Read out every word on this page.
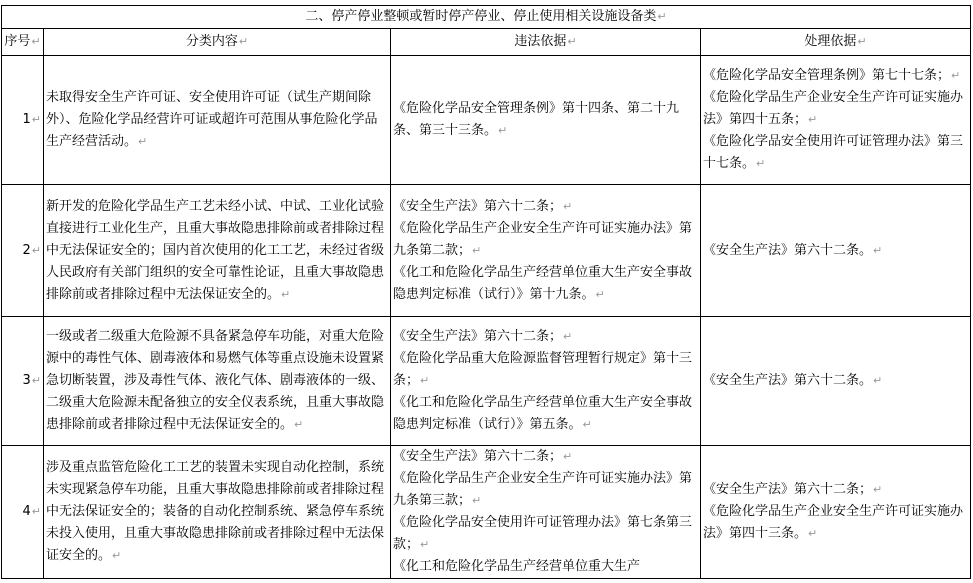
二、停产停业整顿或暂时停产停业、停止使用相关设施设备类↵			
序号↵	分类内容↵	违法依据↵	处理依据↵
1↵	未取得安全生产许可证、安全使用许可证（试生产期间除外）、危险化学品经营许可证或超许可范围从事危险化学品生产经营活动。↵	《危险化学品安全管理条例》第十四条、第二十九条、第三十三条。↵	《危险化学品安全管理条例》第七十七条；↵
《危险化学品生产企业安全生产许可证实施办法》第四十五条；↵
《危险化学品安全使用许可证管理办法》第三十七条。↵

2↵	新开发的危险化学品生产工艺未经小试、中试、工业化试验直接进行工业化生产，且重大事故隐患排除前或者排除过程中无法保证安全的；国内首次使用的化工工艺，未经过省级人民政府有关部门组织的安全可靠性论证，且重大事故隐患排除前或者排除过程中无法保证安全的。↵	《安全生产法》第六十二条；↵
《危险化学品生产企业安全生产许可证实施办法》第九条第二款；↵
《化工和危险化学品生产经营单位重大生产安全事故隐患判定标准（试行）》第十九条。↵	《安全生产法》第六十二条。↵

3↵	一级或者二级重大危险源不具备紧急停车功能，对重大危险源中的毒性气体、剧毒液体和易燃气体等重点设施未设置紧急切断装置，涉及毒性气体、液化气体、剧毒液体的一级、二级重大危险源未配备独立的安全仪表系统，且重大事故隐患排除前或者排除过程中无法保证安全的。↵	《安全生产法》第六十二条；↵
《危险化学品重大危险源监督管理暂行规定》第十三条；↵
《化工和危险化学品生产经营单位重大生产安全事故隐患判定标准（试行）》第五条。↵	《安全生产法》第六十二条。↵

4↵	涉及重点监管危险化工工艺的装置未实现自动化控制，系统未实现紧急停车功能，且重大事故隐患排除前或者排除过程中无法保证安全的；装备的自动化控制系统、紧急停车系统未投入使用，且重大事故隐患排除前或者排除过程中无法保证安全的。↵	《安全生产法》第六十二条；↵
《危险化学品生产企业安全生产许可证实施办法》第九条第三款；↵
《危险化学品安全使用许可证管理办法》第七条第三款；↵
《化工和危险化学品生产经营单位重大生产	《安全生产法》第六十二条；↵
《危险化学品生产企业安全生产许可证实施办法》第四十三条。↵
